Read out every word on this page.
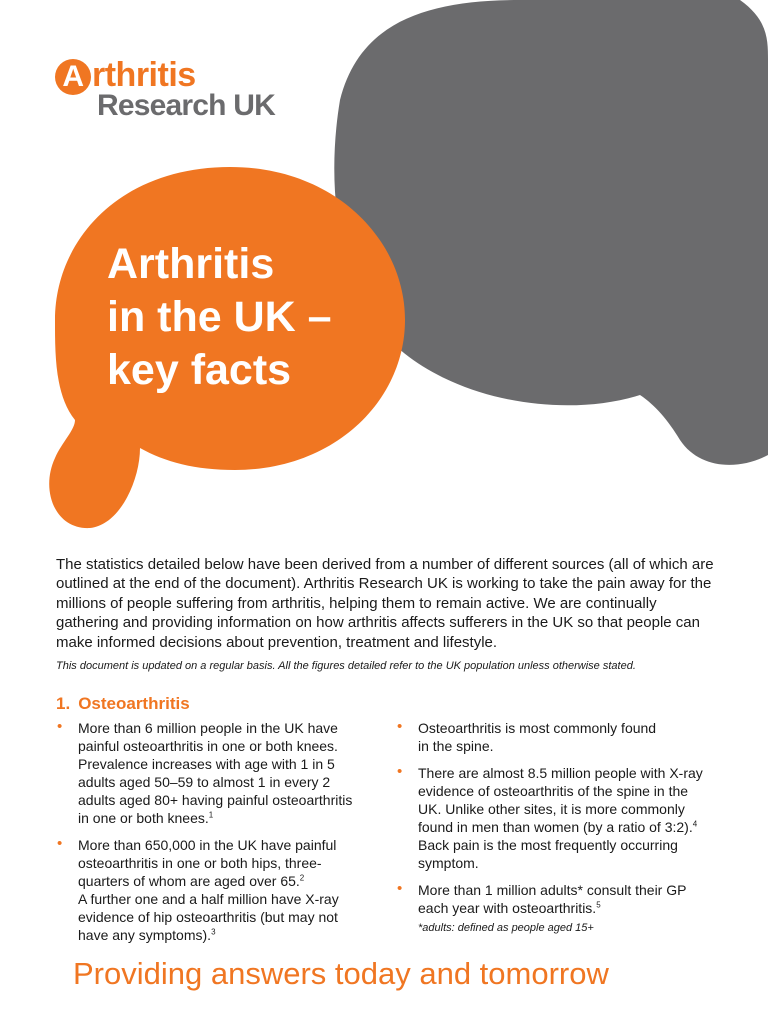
A rthritis
Research UK
Arthritis
in the UK –
key facts
The statistics detailed below have been derived from a number of different sources (all of which are outlined at the end of the document). Arthritis Research UK is working to take the pain away for the millions of people suffering from arthritis, helping them to remain active. We are continually gathering and providing information on how arthritis affects sufferers in the UK so that people can make informed decisions about prevention, treatment and lifestyle.
This document is updated on a regular basis. All the figures detailed refer to the UK population unless otherwise stated.
1. Osteoarthritis
• More than 6 million people in the UK have
painful osteoarthritis in one or both knees.
Prevalence increases with age with 1 in 5
adults aged 50–59 to almost 1 in every 2
adults aged 80+ having painful osteoarthritis
in one or both knees.$^1$
• More than 650,000 in the UK have painful
osteoarthritis in one or both hips, three-
quarters of whom are aged over 65.$^2$
A further one and a half million have X-ray
evidence of hip osteoarthritis (but may not
have any symptoms).$^3$
• Osteoarthritis is most commonly found
in the spine.
• There are almost 8.5 million people with X-ray
evidence of osteoarthritis of the spine in the
UK. Unlike other sites, it is more commonly
found in men than women (by a ratio of 3:2).$^4$
Back pain is the most frequently occurring
symptom.
• More than 1 million adults* consult their GP
each year with osteoarthritis.$^5$
*adults: defined as people aged 15+
Providing answers today and tomorrow
